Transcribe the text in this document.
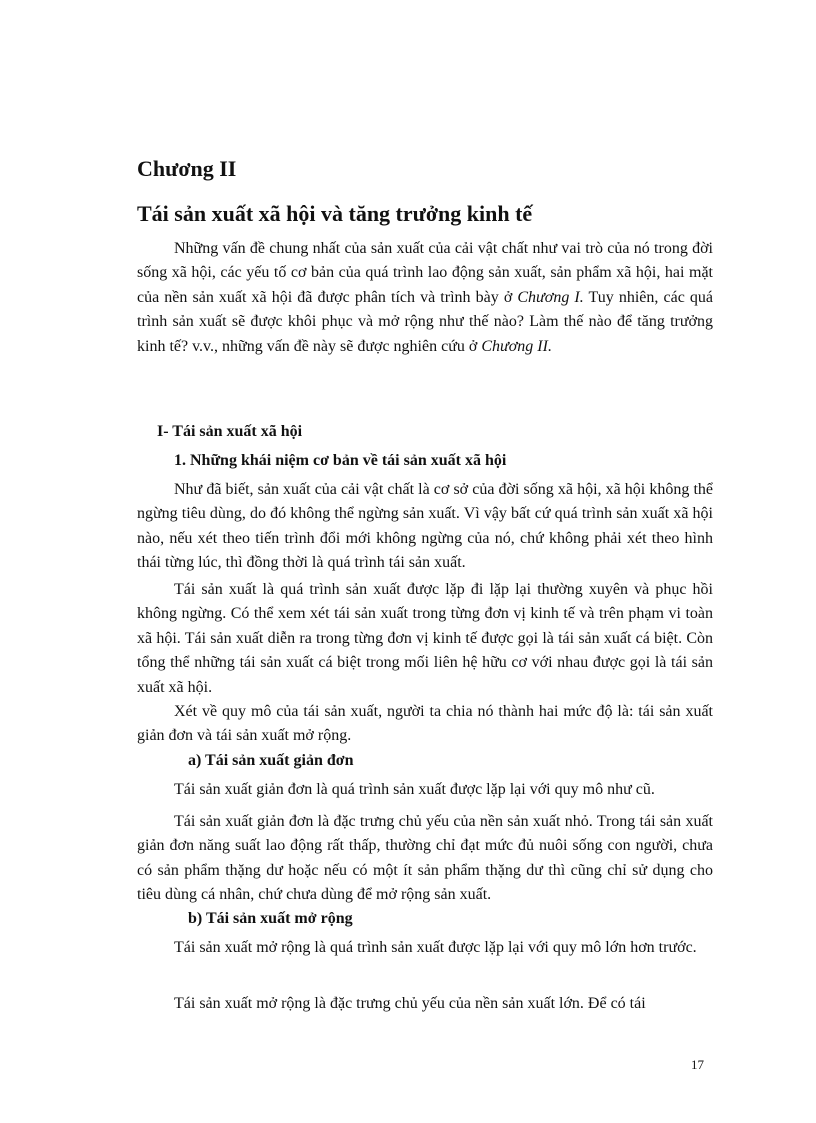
Chương II
Tái sản xuất xã hội và tăng trưởng kinh tế

Những vấn đề chung nhất của sản xuất của cải vật chất như vai trò của nó trong đời sống xã hội, các yếu tố cơ bản của quá trình lao động sản xuất, sản phẩm xã hội, hai mặt của nền sản xuất xã hội đã được phân tích và trình bày ở Chương I. Tuy nhiên, các quá trình sản xuất sẽ được khôi phục và mở rộng như thế nào? Làm thế nào để tăng trưởng kinh tế? v.v., những vấn đề này sẽ được nghiên cứu ở Chương II.

I- Tái sản xuất xã hội
1. Những khái niệm cơ bản về tái sản xuất xã hội

Như đã biết, sản xuất của cải vật chất là cơ sở của đời sống xã hội, xã hội không thể ngừng tiêu dùng, do đó không thể ngừng sản xuất. Vì vậy bất cứ quá trình sản xuất xã hội nào, nếu xét theo tiến trình đổi mới không ngừng của nó, chứ không phải xét theo hình thái từng lúc, thì đồng thời là quá trình tái sản xuất.

Tái sản xuất là quá trình sản xuất được lặp đi lặp lại thường xuyên và phục hồi không ngừng. Có thể xem xét tái sản xuất trong từng đơn vị kinh tế và trên phạm vi toàn xã hội. Tái sản xuất diễn ra trong từng đơn vị kinh tế được gọi là tái sản xuất cá biệt. Còn tổng thể những tái sản xuất cá biệt trong mối liên hệ hữu cơ với nhau được gọi là tái sản xuất xã hội.

Xét về quy mô của tái sản xuất, người ta chia nó thành hai mức độ là: tái sản xuất giản đơn và tái sản xuất mở rộng.

a) Tái sản xuất giản đơn

Tái sản xuất giản đơn là quá trình sản xuất được lặp lại với quy mô như cũ.

Tái sản xuất giản đơn là đặc trưng chủ yếu của nền sản xuất nhỏ. Trong tái sản xuất giản đơn năng suất lao động rất thấp, thường chỉ đạt mức đủ nuôi sống con người, chưa có sản phẩm thặng dư hoặc nếu có một ít sản phẩm thặng dư thì cũng chỉ sử dụng cho tiêu dùng cá nhân, chứ chưa dùng để mở rộng sản xuất.

b) Tái sản xuất mở rộng

Tái sản xuất mở rộng là quá trình sản xuất được lặp lại với quy mô lớn hơn trước.

Tái sản xuất mở rộng là đặc trưng chủ yếu của nền sản xuất lớn. Để có tái

17
